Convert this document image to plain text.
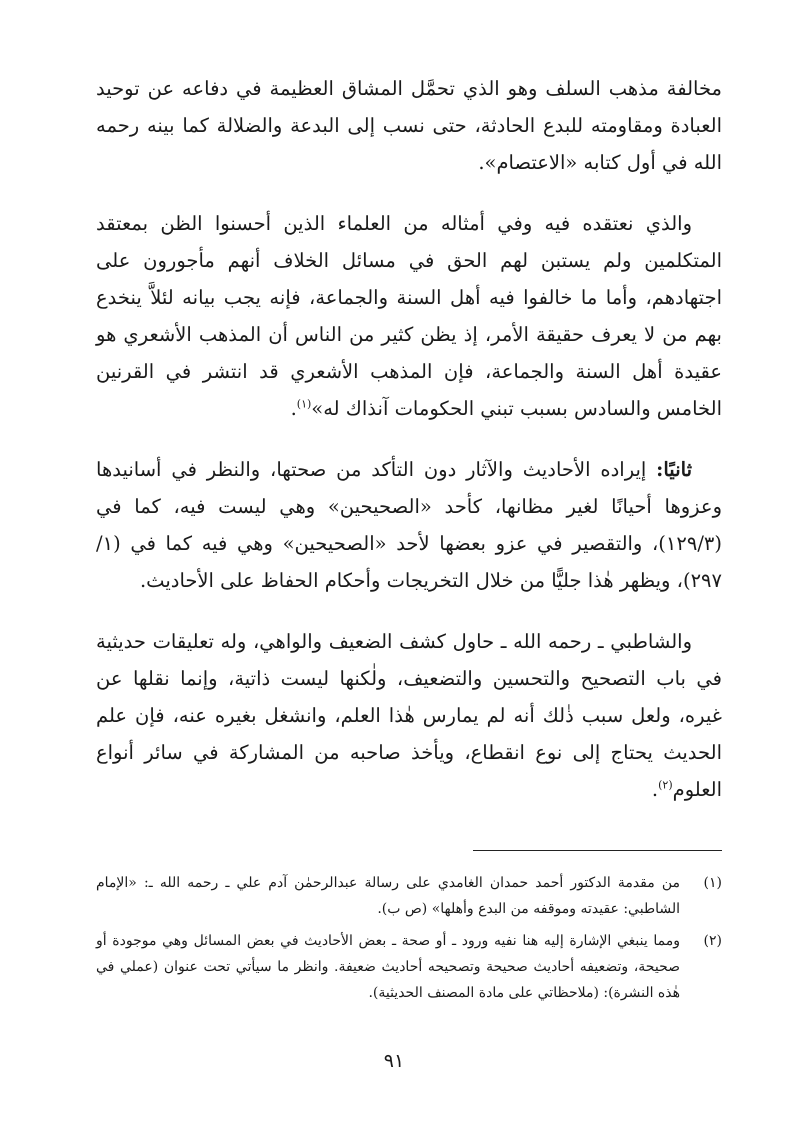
مخالفة مذهب السلف وهو الذي تحمَّل المشاق العظيمة في دفاعه عن توحيد العبادة ومقاومته للبدع الحادثة، حتى نسب إلى البدعة والضلالة كما بينه رحمه الله في أول كتابه «الاعتصام».

والذي نعتقده فيه وفي أمثاله من العلماء الذين أحسنوا الظن بمعتقد المتكلمين ولم يستبن لهم الحق في مسائل الخلاف أنهم مأجورون على اجتهادهم، وأما ما خالفوا فيه أهل السنة والجماعة، فإنه يجب بيانه لئلاَّ ينخدع بهم من لا يعرف حقيقة الأمر، إذ يظن كثير من الناس أن المذهب الأشعري هو عقيدة أهل السنة والجماعة، فإن المذهب الأشعري قد انتشر في القرنين الخامس والسادس بسبب تبني الحكومات آنذاك له»$^{(١)}$.

ثانيًا: إيراده الأحاديث والآثار دون التأكد من صحتها، والنظر في أسانيدها وعزوها أحيانًا لغير مظانها، كأحد «الصحيحين» وهي ليست فيه، كما في (١٢٩/٣)، والتقصير في عزو بعضها لأحد «الصحيحين» وهي فيه كما في (١/ ٢٩٧)، ويظهر هٰذا جليًّا من خلال التخريجات وأحكام الحفاظ على الأحاديث.

والشاطبي ـ رحمه الله ـ حاول كشف الضعيف والواهي، وله تعليقات حديثية في باب التصحيح والتحسين والتضعيف، ولٰكنها ليست ذاتية، وإنما نقلها عن غيره، ولعل سبب ذٰلك أنه لم يمارس هٰذا العلم، وانشغل بغيره عنه، فإن علم الحديث يحتاج إلى نوع انقطاع، ويأخذ صاحبه من المشاركة في سائر أنواع العلوم$^{(٢)}$.

(١)
من مقدمة الدكتور أحمد حمدان الغامدي على رسالة عبدالرحمٰن آدم علي ـ رحمه الله ـ: «الإمام الشاطبي: عقيدته وموقفه من البدع وأهلها» (ص ب).
(٢)
ومما ينبغي الإشارة إليه هنا نفيه ورود ـ أو صحة ـ بعض الأحاديث في بعض المسائل وهي موجودة أو صحيحة، وتضعيفه أحاديث صحيحة وتصحيحه أحاديث ضعيفة. وانظر ما سيأتي تحت عنوان (عملي في هٰذه النشرة): (ملاحظاتي على مادة المصنف الحديثية).
٩١
